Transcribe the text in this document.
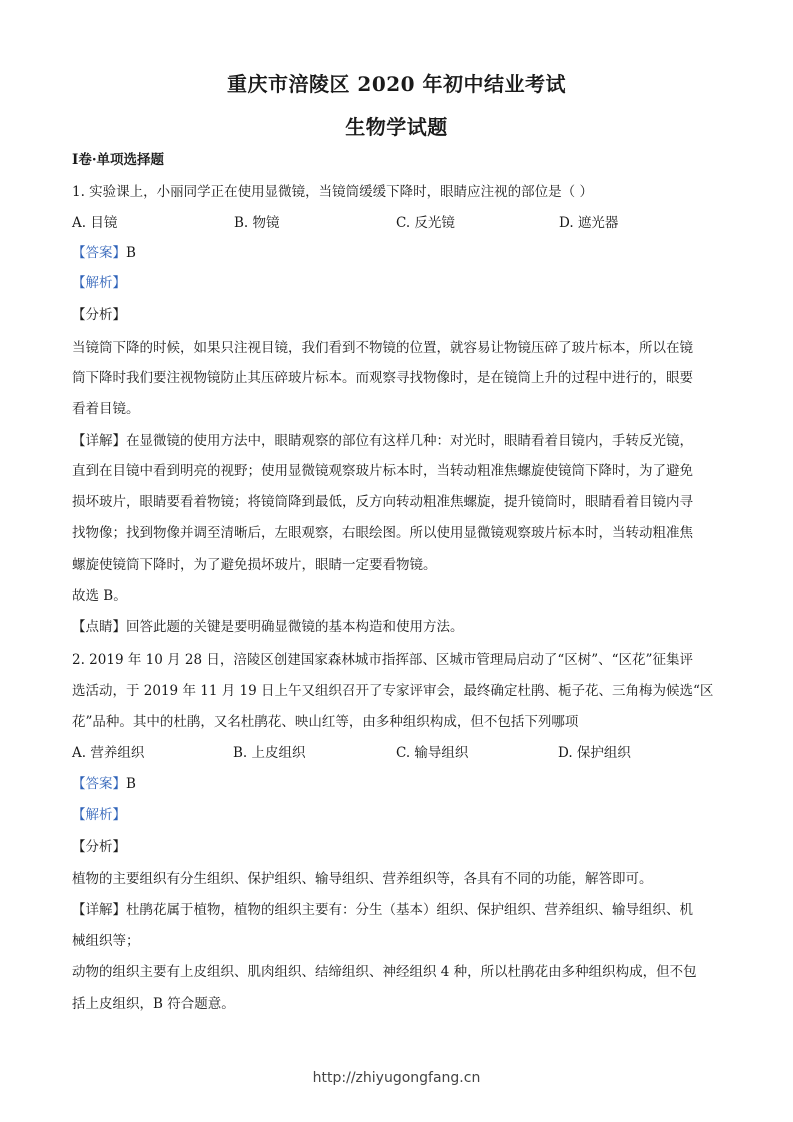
重庆市涪陵区 2020 年初中结业考试
生物学试题
Ⅰ卷·单项选择题
1. 实验课上，小丽同学正在使用显微镜，当镜筒缓缓下降时，眼睛应注视的部位是（ ）
A. 目镜	B. 物镜	C. 反光镜	D. 遮光器
【答案】B
【解析】
【分析】
当镜筒下降的时候，如果只注视目镜，我们看到不物镜的位置，就容易让物镜压碎了玻片标本，所以在镜
筒下降时我们要注视物镜防止其压碎玻片标本。而观察寻找物像时，是在镜筒上升的过程中进行的，眼要
看着目镜。
【详解】在显微镜的使用方法中，眼睛观察的部位有这样几种：对光时，眼睛看着目镜内，手转反光镜，
直到在目镜中看到明亮的视野；使用显微镜观察玻片标本时，当转动粗准焦螺旋使镜筒下降时，为了避免
损坏玻片，眼睛要看着物镜；将镜筒降到最低，反方向转动粗准焦螺旋，提升镜筒时，眼睛看着目镜内寻
找物像；找到物像并调至清晰后，左眼观察，右眼绘图。所以使用显微镜观察玻片标本时，当转动粗准焦
螺旋使镜筒下降时，为了避免损坏玻片，眼睛一定要看物镜。
故选 B。
【点睛】回答此题的关键是要明确显微镜的基本构造和使用方法。
2. 2019 年 10 月 28 日，涪陵区创建国家森林城市指挥部、区城市管理局启动了“区树”、“区花”征集评
选活动，于 2019 年 11 月 19 日上午又组织召开了专家评审会，最终确定杜鹃、栀子花、三角梅为候选“区
花”品种。其中的杜鹃，又名杜鹃花、映山红等，由多种组织构成，但不包括下列哪项
A. 营养组织	B. 上皮组织	C. 输导组织	D. 保护组织
【答案】B
【解析】
【分析】
植物的主要组织有分生组织、保护组织、输导组织、营养组织等，各具有不同的功能，解答即可。
【详解】杜鹃花属于植物，植物的组织主要有：分生（基本）组织、保护组织、营养组织、输导组织、机
械组织等；
动物的组织主要有上皮组织、肌肉组织、结缔组织、神经组织 4 种，所以杜鹃花由多种组织构成，但不包
括上皮组织，B 符合题意。
http://zhiyugongfang.cn
